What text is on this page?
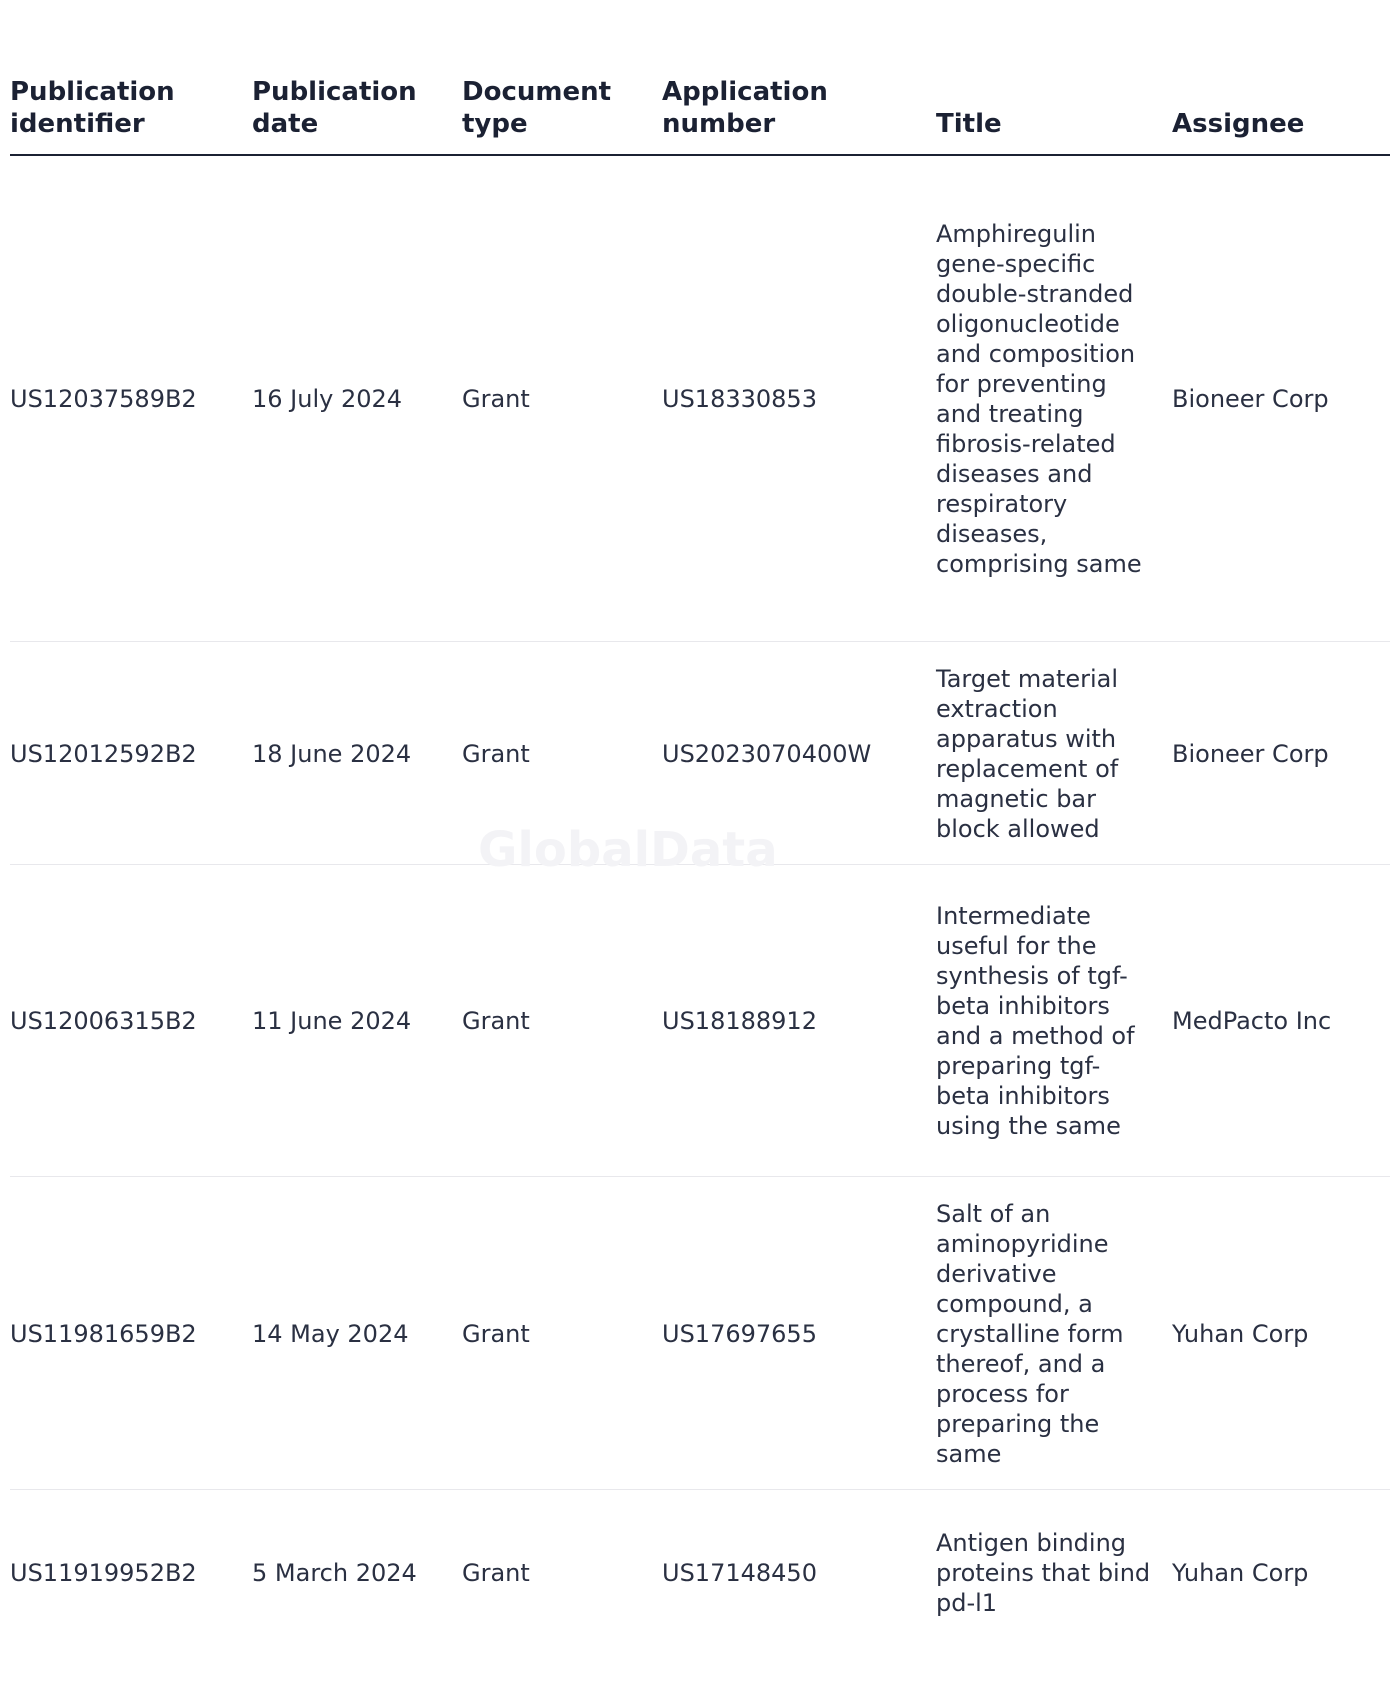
Publication identifier	Publication date	Document type	Application number	Title	Assignee
US12037589B2	16 July 2024	Grant	US18330853	Amphiregulin gene-specific double-stranded oligonucleotide and composition for preventing and treating fibrosis-related diseases and respiratory diseases, comprising same	Bioneer Corp
US12012592B2	18 June 2024	Grant	US2023070400W	Target material extraction apparatus with replacement of magnetic bar block allowed	Bioneer Corp
US12006315B2	11 June 2024	Grant	US18188912	Intermediate useful for the synthesis of tgf-beta inhibitors and a method of preparing tgf-beta inhibitors using the same	MedPacto Inc
US11981659B2	14 May 2024	Grant	US17697655	Salt of an aminopyridine derivative compound, a crystalline form thereof, and a process for preparing the same	Yuhan Corp
US11919952B2	5 March 2024	Grant	US17148450	Antigen binding proteins that bind pd-l1	Yuhan Corp
GlobalData
